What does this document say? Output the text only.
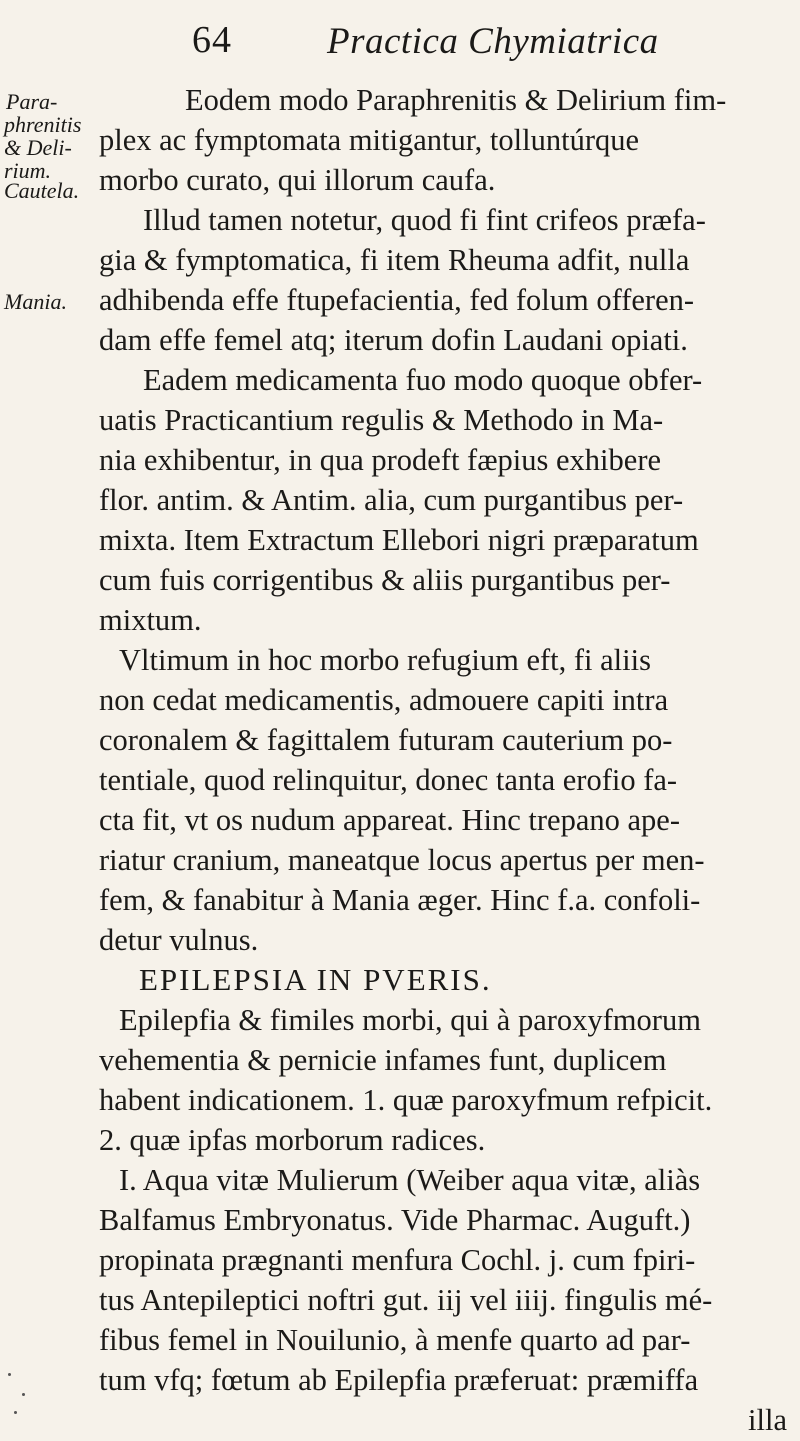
64	Practica Chymiatrica
Para-
phrenitis
& Deli-
rium.
Cautela.
Mania.
Eodem modo Paraphrenitis & Delirium fim-
plex ac fymptomata mitigantur, tolluntúrque
morbo curato, qui illorum caufa.
Illud tamen notetur, quod fi fint crifeos præfa-
gia & fymptomatica, fi item Rheuma adfit, nulla
adhibenda effe ftupefacientia, fed folum offeren-
dam effe femel atq; iterum dofin Laudani opiati.
Eadem medicamenta fuo modo quoque obfer-
uatis Practicantium regulis & Methodo in Ma-
nia exhibentur, in qua prodeft fæpius exhibere
flor. antim. & Antim. alia, cum purgantibus per-
mixta. Item Extractum Ellebori nigri præparatum
cum fuis corrigentibus & aliis purgantibus per-
mixtum.
Vltimum in hoc morbo refugium eft, fi aliis
non cedat medicamentis, admouere capiti intra
coronalem & fagittalem futuram cauterium po-
tentiale, quod relinquitur, donec tanta erofio fa-
cta fit, vt os nudum appareat. Hinc trepano ape-
riatur cranium, maneatque locus apertus per men-
fem, & fanabitur à Mania æger. Hinc f.a. confoli-
detur vulnus.
EPILEPSIA IN PVERIS.
Epilepfia & fimiles morbi, qui à paroxyfmorum
vehementia & pernicie infames funt, duplicem
habent indicationem. 1. quæ paroxyfmum refpicit.
2. quæ ipfas morborum radices.
I. Aqua vitæ Mulierum (Weiber aqua vitæ, aliàs
Balfamus Embryonatus. Vide Pharmac. Auguft.)
propinata prægnanti menfura Cochl. j. cum fpiri-
tus Antepileptici noftri gut. iij vel iiij. fingulis mé-
fibus femel in Nouilunio, à menfe quarto ad par-
tum vfq; fœtum ab Epilepfia præferuat: præmiffa
illa
